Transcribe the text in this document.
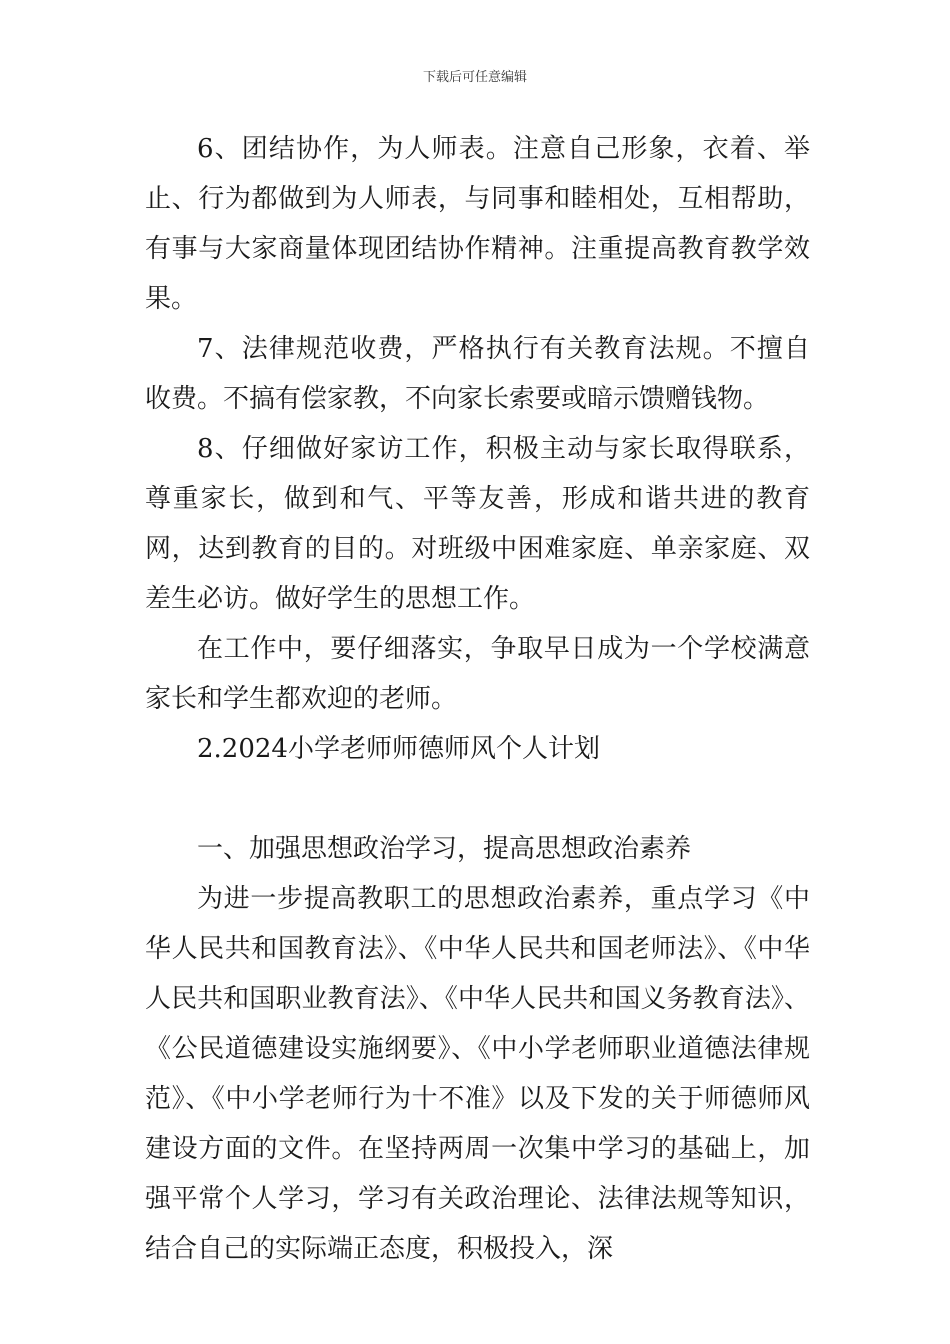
下载后可任意编辑

6、团结协作，为人师表。注意自己形象，衣着、举止、行为都做到为人师表，与同事和睦相处，互相帮助，有事与大家商量体现团结协作精神。注重提高教育教学效果。

7、法律规范收费，严格执行有关教育法规。不擅自收费。不搞有偿家教，不向家长索要或暗示馈赠钱物。

8、仔细做好家访工作，积极主动与家长取得联系，尊重家长，做到和气、平等友善，形成和谐共进的教育网，达到教育的目的。对班级中困难家庭、单亲家庭、双差生必访。做好学生的思想工作。

在工作中，要仔细落实，争取早日成为一个学校满意家长和学生都欢迎的老师。

2.2024小学老师师德师风个人计划

一、加强思想政治学习，提高思想政治素养

为进一步提高教职工的思想政治素养，重点学习《中华人民共和国教育法》、《中华人民共和国老师法》、《中华人民共和国职业教育法》、《中华人民共和国义务教育法》、《公民道德建设实施纲要》、《中小学老师职业道德法律规范》、《中小学老师行为十不准》以及下发的关于师德师风建设方面的文件。在坚持两周一次集中学习的基础上，加强平常个人学习，学习有关政治理论、法律法规等知识，结合自己的实际端正态度，积极投入，深
